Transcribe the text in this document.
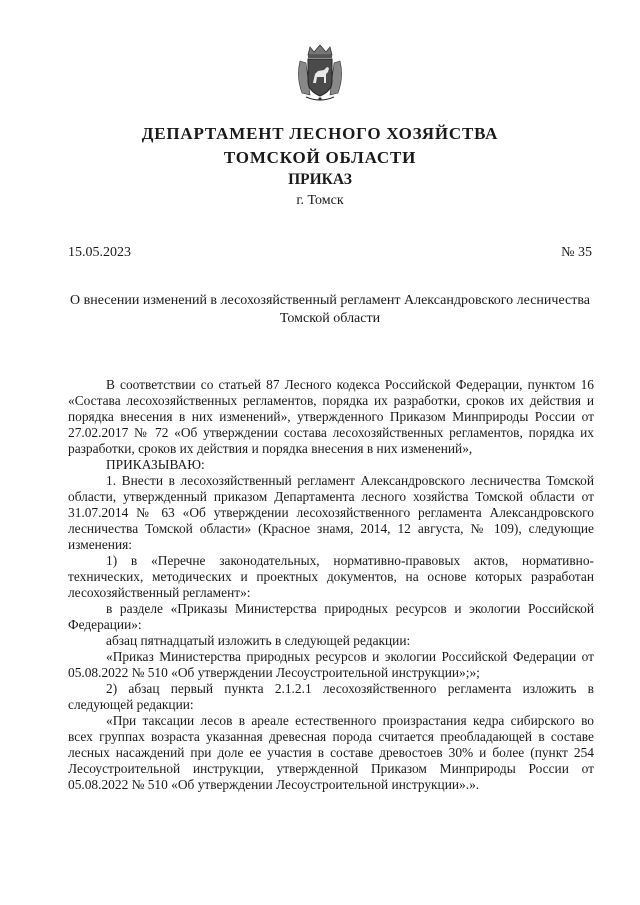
ДЕПАРТАМЕНТ ЛЕСНОГО ХОЗЯЙСТВА
ТОМСКОЙ ОБЛАСТИ
ПРИКАЗ
г. Томск
15.05.2023	№ 35
О внесении изменений в лесохозяйственный регламент Александровского лесничества Томской области

В соответствии со статьей 87 Лесного кодекса Российской Федерации, пунктом 16 «Состава лесохозяйственных регламентов, порядка их разработки, сроков их действия и порядка внесения в них изменений», утвержденного Приказом Минприроды России от 27.02.2017 № 72 «Об утверждении состава лесохозяйственных регламентов, порядка их разработки, сроков их действия и порядка внесения в них изменений»,

ПРИКАЗЫВАЮ:

1. Внести в лесохозяйственный регламент Александровского лесничества Томской области, утвержденный приказом Департамента лесного хозяйства Томской области от 31.07.2014 № 63 «Об утверждении лесохозяйственного регламента Александровского лесничества Томской области» (Красное знамя, 2014, 12 августа, № 109), следующие изменения:

1) в «Перечне законодательных, нормативно-правовых актов, нормативно-технических, методических и проектных документов, на основе которых разработан лесохозяйственный регламент»:

в разделе «Приказы Министерства природных ресурсов и экологии Российской Федерации»:

абзац пятнадцатый изложить в следующей редакции:

«Приказ Министерства природных ресурсов и экологии Российской Федерации от 05.08.2022 № 510 «Об утверждении Лесоустроительной инструкции»;»;

2) абзац первый пункта 2.1.2.1 лесохозяйственного регламента изложить в следующей редакции:

«При таксации лесов в ареале естественного произрастания кедра сибирского во всех группах возраста указанная древесная порода считается преобладающей в составе лесных насаждений при доле ее участия в составе древостоев 30% и более (пункт 254 Лесоустроительной инструкции, утвержденной Приказом Минприроды России от 05.08.2022 № 510 «Об утверждении Лесоустроительной инструкции».».
